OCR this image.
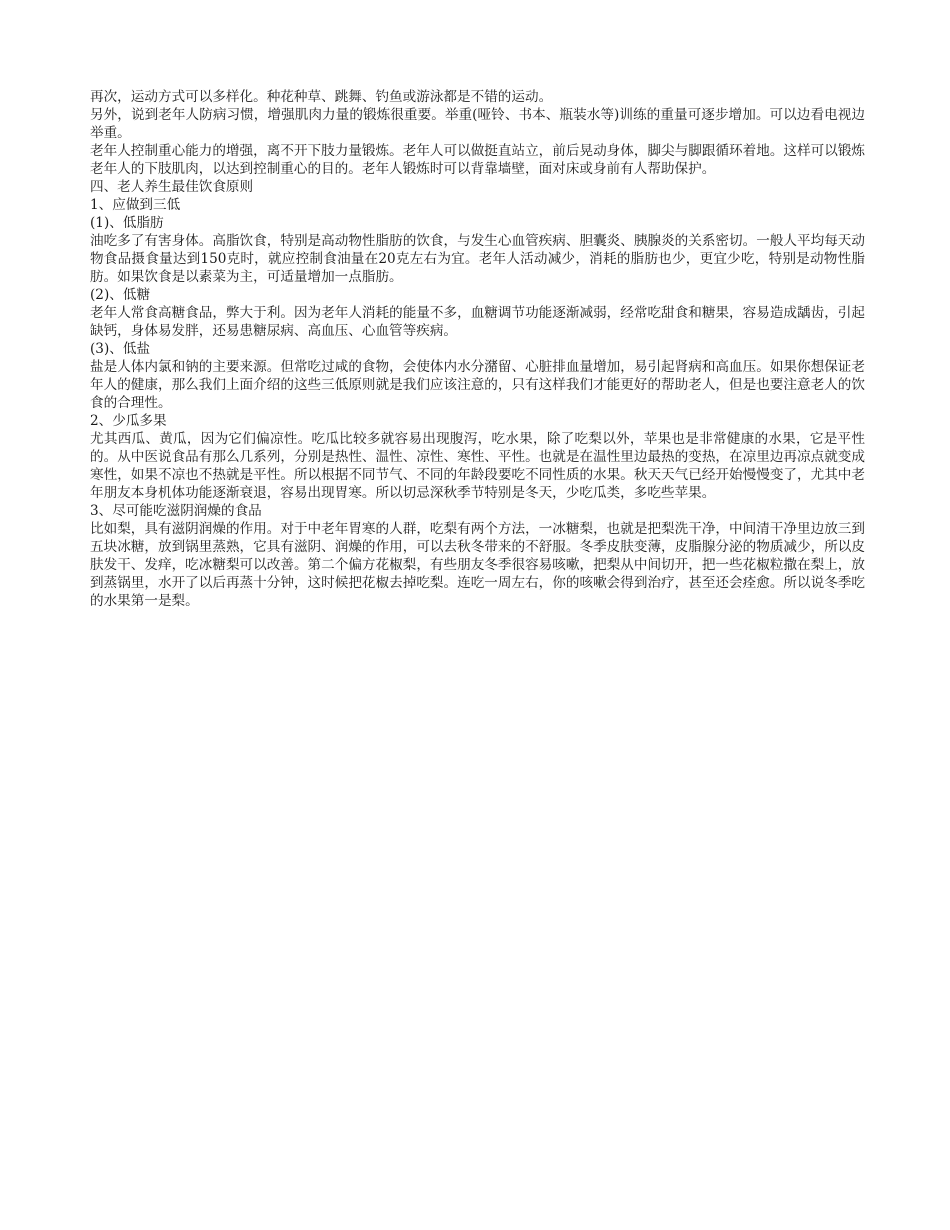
再次，运动方式可以多样化。种花种草、跳舞、钓鱼或游泳都是不错的运动。

另外，说到老年人防病习惯，增强肌肉力量的锻炼很重要。举重(哑铃、书本、瓶装水等)训练的重量可逐步增加。可以边看电视边举重。

老年人控制重心能力的增强，离不开下肢力量锻炼。老年人可以做挺直站立，前后晃动身体，脚尖与脚跟循环着地。这样可以锻炼老年人的下肢肌肉，以达到控制重心的目的。老年人锻炼时可以背靠墙壁，面对床或身前有人帮助保护。

四、老人养生最佳饮食原则

1、应做到三低

(1)、低脂肪

油吃多了有害身体。高脂饮食，特别是高动物性脂肪的饮食，与发生心血管疾病、胆囊炎、胰腺炎的关系密切。一般人平均每天动物食品摄食量达到150克时，就应控制食油量在20克左右为宜。老年人活动减少，消耗的脂肪也少，更宜少吃，特别是动物性脂肪。如果饮食是以素菜为主，可适量增加一点脂肪。

(2)、低糖

老年人常食高糖食品，弊大于利。因为老年人消耗的能量不多，血糖调节功能逐渐减弱，经常吃甜食和糖果，容易造成龋齿，引起缺钙，身体易发胖，还易患糖尿病、高血压、心血管等疾病。

(3)、低盐

盐是人体内氯和钠的主要来源。但常吃过咸的食物，会使体内水分潴留、心脏排血量增加，易引起肾病和高血压。如果你想保证老年人的健康，那么我们上面介绍的这些三低原则就是我们应该注意的，只有这样我们才能更好的帮助老人，但是也要注意老人的饮食的合理性。

2、少瓜多果

尤其西瓜、黄瓜，因为它们偏凉性。吃瓜比较多就容易出现腹泻，吃水果，除了吃梨以外，苹果也是非常健康的水果，它是平性的。从中医说食品有那么几系列，分别是热性、温性、凉性、寒性、平性。也就是在温性里边最热的变热，在凉里边再凉点就变成寒性，如果不凉也不热就是平性。所以根据不同节气、不同的年龄段要吃不同性质的水果。秋天天气已经开始慢慢变了，尤其中老年朋友本身机体功能逐渐衰退，容易出现胃寒。所以切忌深秋季节特别是冬天，少吃瓜类，多吃些苹果。

3、尽可能吃滋阴润燥的食品

比如梨，具有滋阴润燥的作用。对于中老年胃寒的人群，吃梨有两个方法，一冰糖梨，也就是把梨洗干净，中间清干净里边放三到五块冰糖，放到锅里蒸熟，它具有滋阴、润燥的作用，可以去秋冬带来的不舒服。冬季皮肤变薄，皮脂腺分泌的物质减少，所以皮肤发干、发痒，吃冰糖梨可以改善。第二个偏方花椒梨，有些朋友冬季很容易咳嗽，把梨从中间切开，把一些花椒粒撒在梨上，放到蒸锅里，水开了以后再蒸十分钟，这时候把花椒去掉吃梨。连吃一周左右，你的咳嗽会得到治疗，甚至还会痊愈。所以说冬季吃的水果第一是梨。
